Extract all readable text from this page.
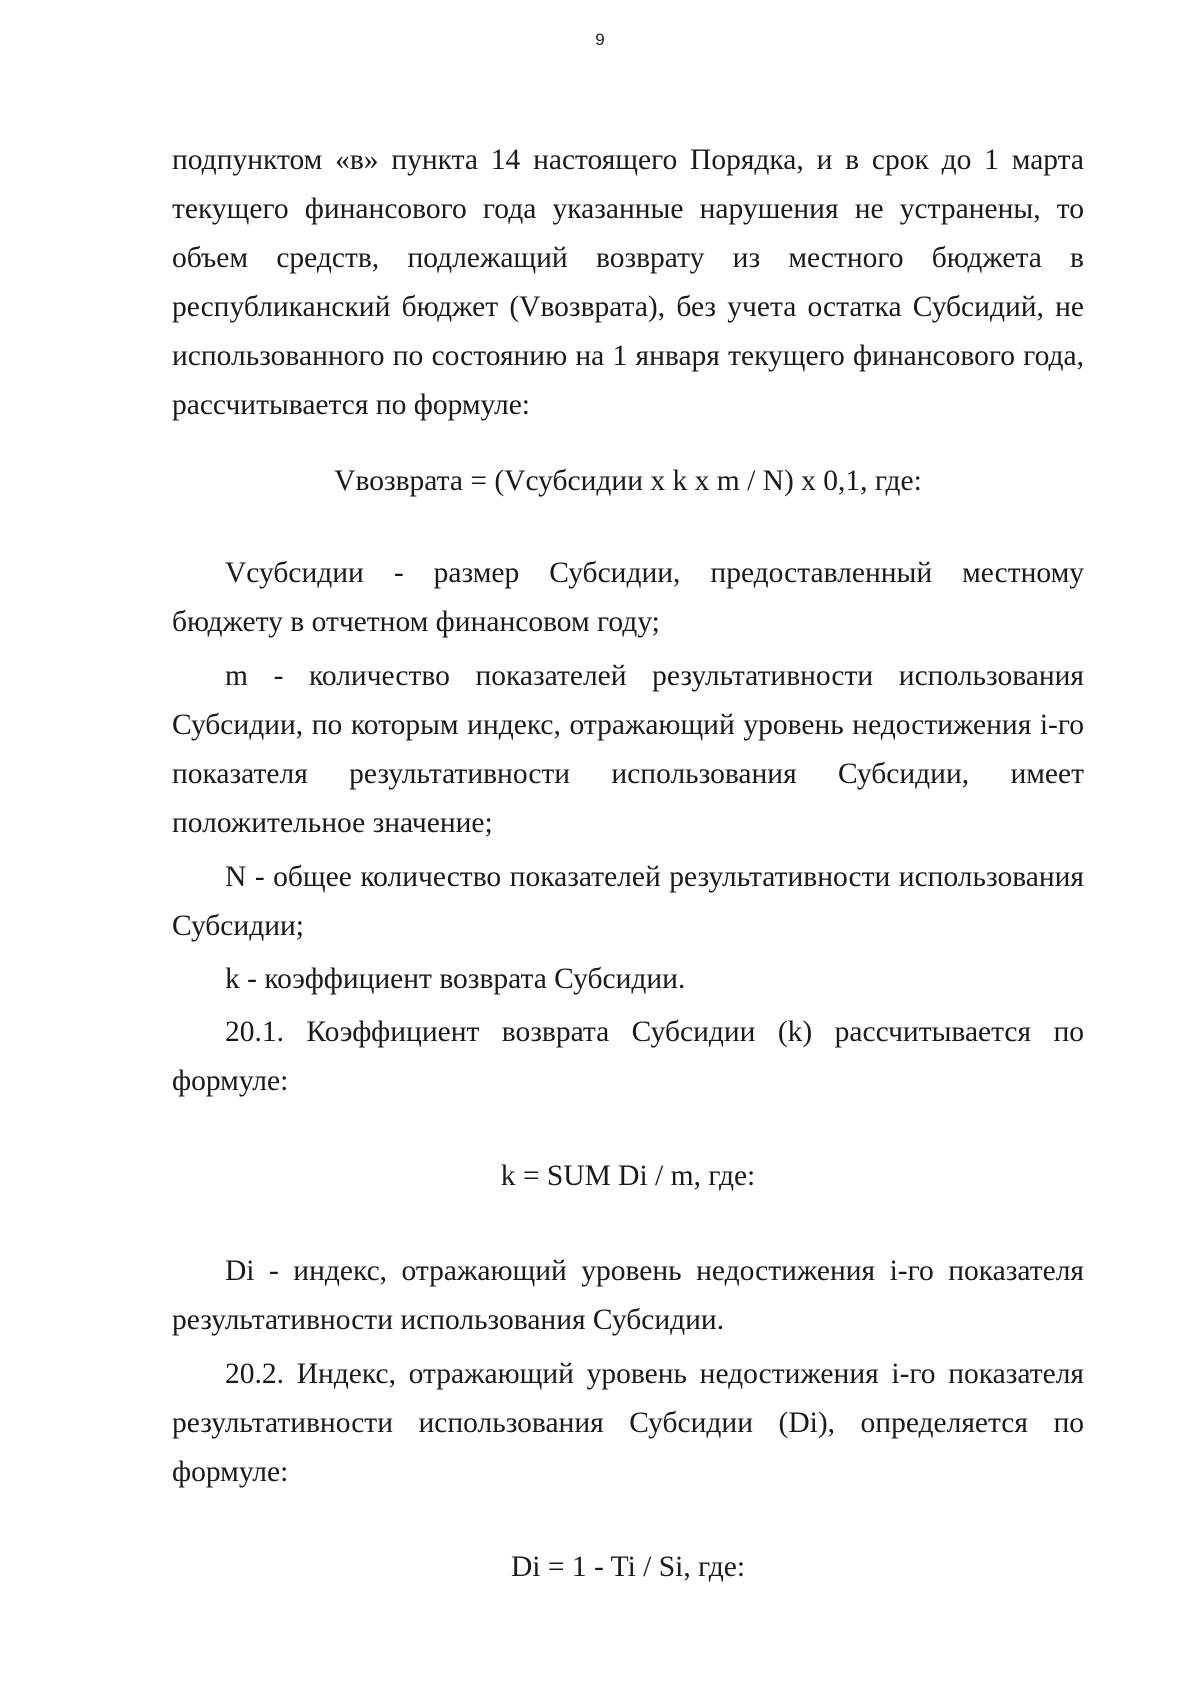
9

подпунктом «в» пункта 14 настоящего Порядка, и в срок до 1 марта текущего финансового года указанные нарушения не устранены, то объем средств, подлежащий возврату из местного бюджета в республиканский бюджет (Vвозврата), без учета остатка Субсидий, не использованного по состоянию на 1 января текущего финансового года, рассчитывается по формуле:

Vвозврата = (Vсубсидии х k х m / N) х 0,1, где:

Vсубсидии - размер Субсидии, предоставленный местному бюджету в отчетном финансовом году;

m - количество показателей результативности использования Субсидии, по которым индекс, отражающий уровень недостижения i-го показателя результативности использования Субсидии, имеет положительное значение;

N - общее количество показателей результативности использования Субсидии;

k - коэффициент возврата Субсидии.

20.1. Коэффициент возврата Субсидии (k) рассчитывается по формуле:

k = SUM Di / m, где:

Di - индекс, отражающий уровень недостижения i-го показателя результативности использования Субсидии.

20.2. Индекс, отражающий уровень недостижения i-го показателя результативности использования Субсидии (Di), определяется по формуле:

Di = 1 - Ti / Si, где:
